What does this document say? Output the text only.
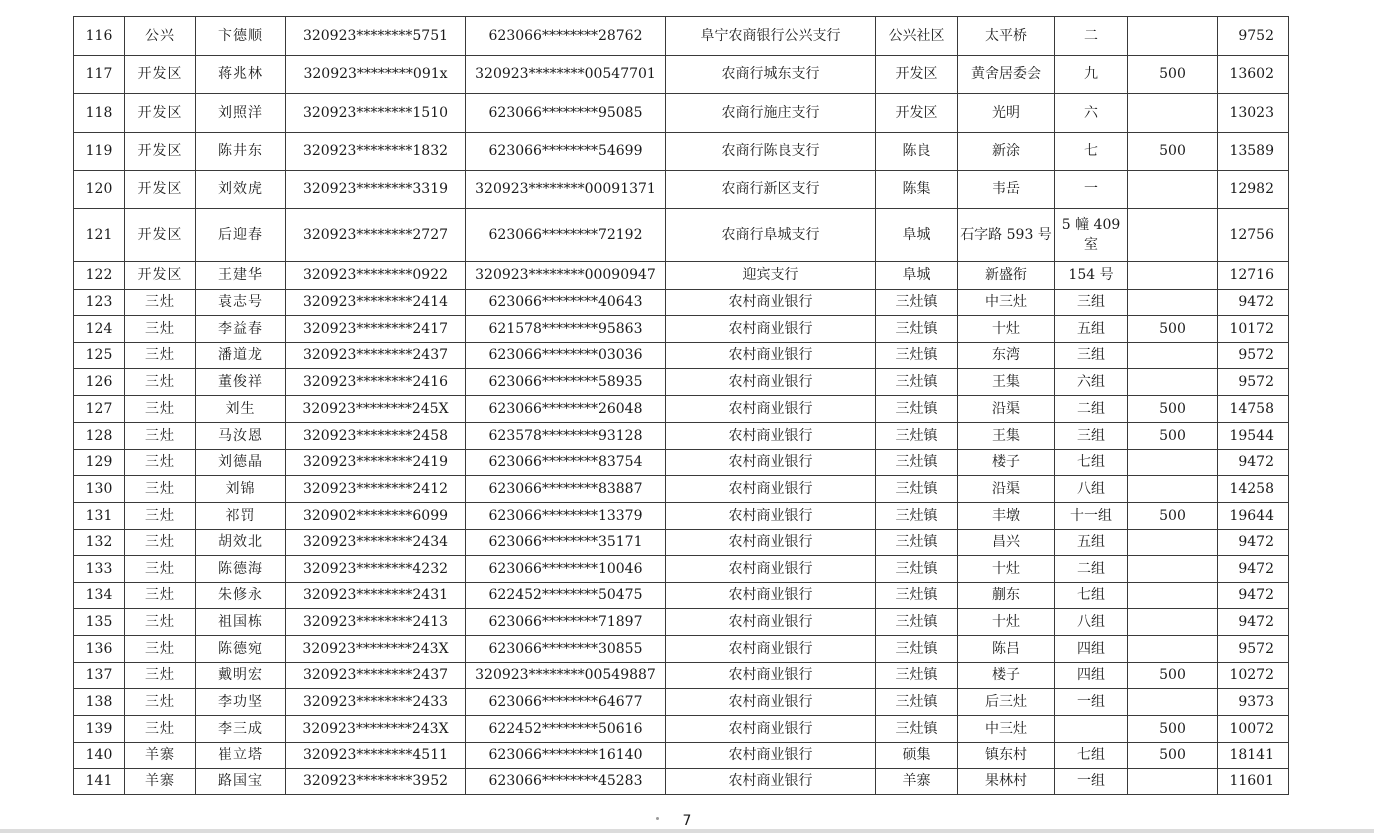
116	公兴	卞德顺	320923********5751	623066********28762	阜宁农商银行公兴支行	公兴社区	太平桥	二		9752
117	开发区	蒋兆林	320923********091x	320923********00547701	农商行城东支行	开发区	黄舍居委会	九	500	13602
118	开发区	刘照洋	320923********1510	623066********95085	农商行施庄支行	开发区	光明	六		13023
119	开发区	陈井东	320923********1832	623066********54699	农商行陈良支行	陈良	新涂	七	500	13589
120	开发区	刘效虎	320923********3319	320923********00091371	农商行新区支行	陈集	韦岳	一		12982
121	开发区	后迎春	320923********2727	623066********72192	农商行阜城支行	阜城	石字路 593 号	5 幢 409 室		12756
122	开发区	王建华	320923********0922	320923********00090947	迎宾支行	阜城	新盛衔	154 号		12716
123	三灶	袁志号	320923********2414	623066********40643	农村商业银行	三灶镇	中三灶	三组		9472
124	三灶	李益春	320923********2417	621578********95863	农村商业银行	三灶镇	十灶	五组	500	10172
125	三灶	潘道龙	320923********2437	623066********03036	农村商业银行	三灶镇	东湾	三组		9572
126	三灶	董俊祥	320923********2416	623066********58935	农村商业银行	三灶镇	王集	六组		9572
127	三灶	刘生	320923********245X	623066********26048	农村商业银行	三灶镇	沿渠	二组	500	14758
128	三灶	马汝恩	320923********2458	623578********93128	农村商业银行	三灶镇	王集	三组	500	19544
129	三灶	刘德晶	320923********2419	623066********83754	农村商业银行	三灶镇	楼子	七组		9472
130	三灶	刘锦	320923********2412	623066********83887	农村商业银行	三灶镇	沿渠	八组		14258
131	三灶	祁罚	320902********6099	623066********13379	农村商业银行	三灶镇	丰墩	十一组	500	19644
132	三灶	胡效北	320923********2434	623066********35171	农村商业银行	三灶镇	昌兴	五组		9472
133	三灶	陈德海	320923********4232	623066********10046	农村商业银行	三灶镇	十灶	二组		9472
134	三灶	朱修永	320923********2431	622452********50475	农村商业银行	三灶镇	蒯东	七组		9472
135	三灶	祖国栋	320923********2413	623066********71897	农村商业银行	三灶镇	十灶	八组		9472
136	三灶	陈德宛	320923********243X	623066********30855	农村商业银行	三灶镇	陈吕	四组		9572
137	三灶	戴明宏	320923********2437	320923********00549887	农村商业银行	三灶镇	楼子	四组	500	10272
138	三灶	李功坚	320923********2433	623066********64677	农村商业银行	三灶镇	后三灶	一组		9373
139	三灶	李三成	320923********243X	622452********50616	农村商业银行	三灶镇	中三灶		500	10072
140	羊寨	崔立塔	320923********4511	623066********16140	农村商业银行	硕集	镇东村	七组	500	18141
141	羊寨	路国宝	320923********3952	623066********45283	农村商业银行	羊寨	果林村	一组		11601
7
